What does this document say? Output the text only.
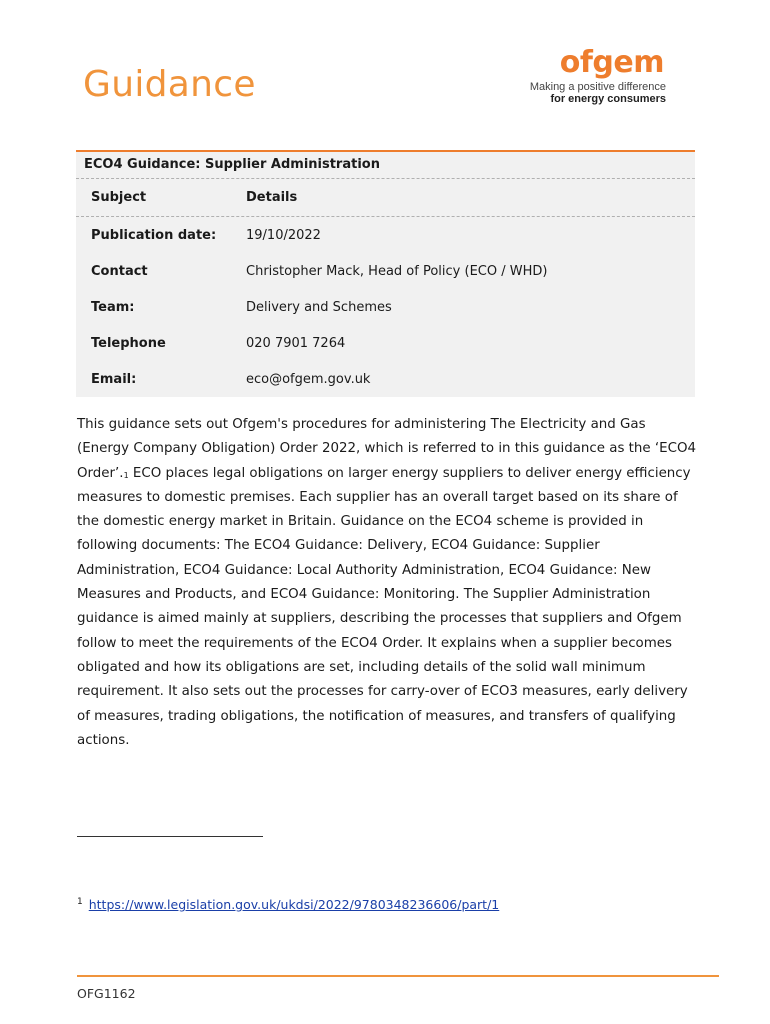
Guidance
ofgem
Making a positive difference
for energy consumers
ECO4 Guidance: Supplier Administration
Subject	Details
Publication date:	19/10/2022
Contact	Christopher Mack, Head of Policy (ECO / WHD)
Team:	Delivery and Schemes
Telephone	020 7901 7264
Email:	eco@ofgem.gov.uk

This guidance sets out Ofgem's procedures for administering The Electricity and Gas (Energy Company Obligation) Order 2022, which is referred to in this guidance as the ‘ECO4 Order’.$^1$ ECO places legal obligations on larger energy suppliers to deliver energy efficiency measures to domestic premises. Each supplier has an overall target based on its share of the domestic energy market in Britain. Guidance on the ECO4 scheme is provided in following documents: The ECO4 Guidance: Delivery, ECO4 Guidance: Supplier Administration, ECO4 Guidance: Local Authority Administration, ECO4 Guidance: New Measures and Products, and ECO4 Guidance: Monitoring. The Supplier Administration guidance is aimed mainly at suppliers, describing the processes that suppliers and Ofgem follow to meet the requirements of the ECO4 Order. It explains when a supplier becomes obligated and how its obligations are set, including details of the solid wall minimum requirement. It also sets out the processes for carry-over of ECO3 measures, early delivery of measures, trading obligations, the notification of measures, and transfers of qualifying actions.

$^1$ https://www.legislation.gov.uk/ukdsi/2022/9780348236606/part/1
OFG1162
